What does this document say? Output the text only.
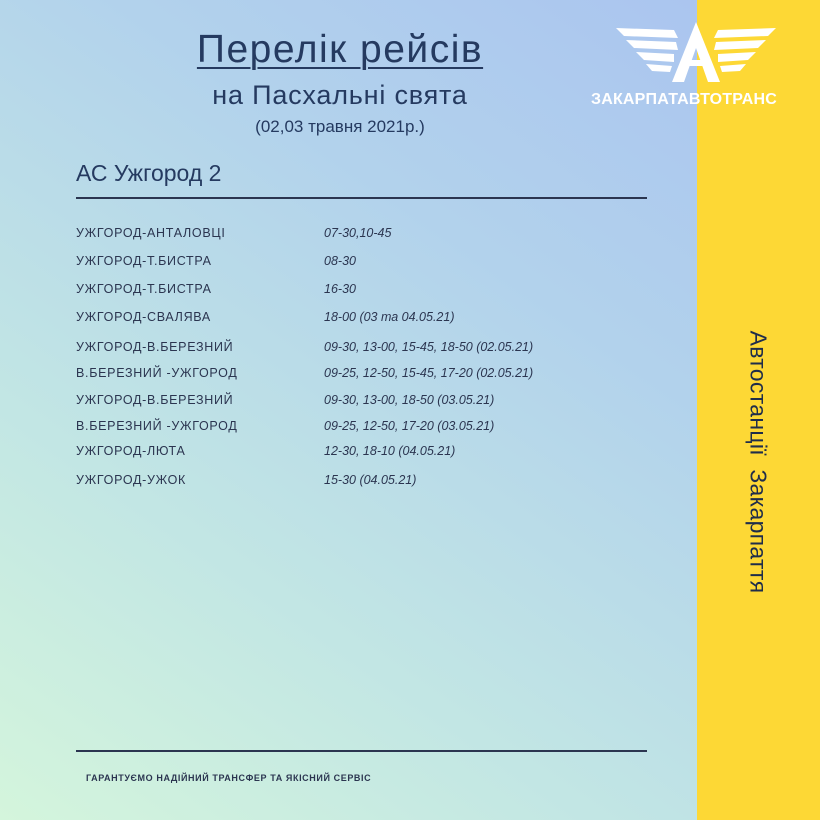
Автостанції  Закарпаття
ЗАКАРПАТАВТОТРАНС
Перелік рейсів
на Пасхальні свята
(02,03 травня 2021р.)
АС Ужгород 2
УЖГОРОД-АНТАЛОВЦІ	07-30,10-45
УЖГОРОД-Т.БИСТРА	08-30
УЖГОРОД-Т.БИСТРА	16-30
УЖГОРОД-СВАЛЯВА	18-00 (03 та 04.05.21)
УЖГОРОД-В.БЕРЕЗНИЙ	09-30, 13-00, 15-45, 18-50 (02.05.21)
В.БЕРЕЗНИЙ -УЖГОРОД	09-25, 12-50, 15-45, 17-20 (02.05.21)
УЖГОРОД-В.БЕРЕЗНИЙ	09-30, 13-00, 18-50 (03.05.21)
В.БЕРЕЗНИЙ -УЖГОРОД	09-25, 12-50, 17-20 (03.05.21)
УЖГОРОД-ЛЮТА	12-30, 18-10 (04.05.21)
УЖГОРОД-УЖОК	15-30 (04.05.21)
ГАРАНТУЄМО НАДІЙНИЙ ТРАНСФЕР ТА ЯКІСНИЙ СЕРВІС
